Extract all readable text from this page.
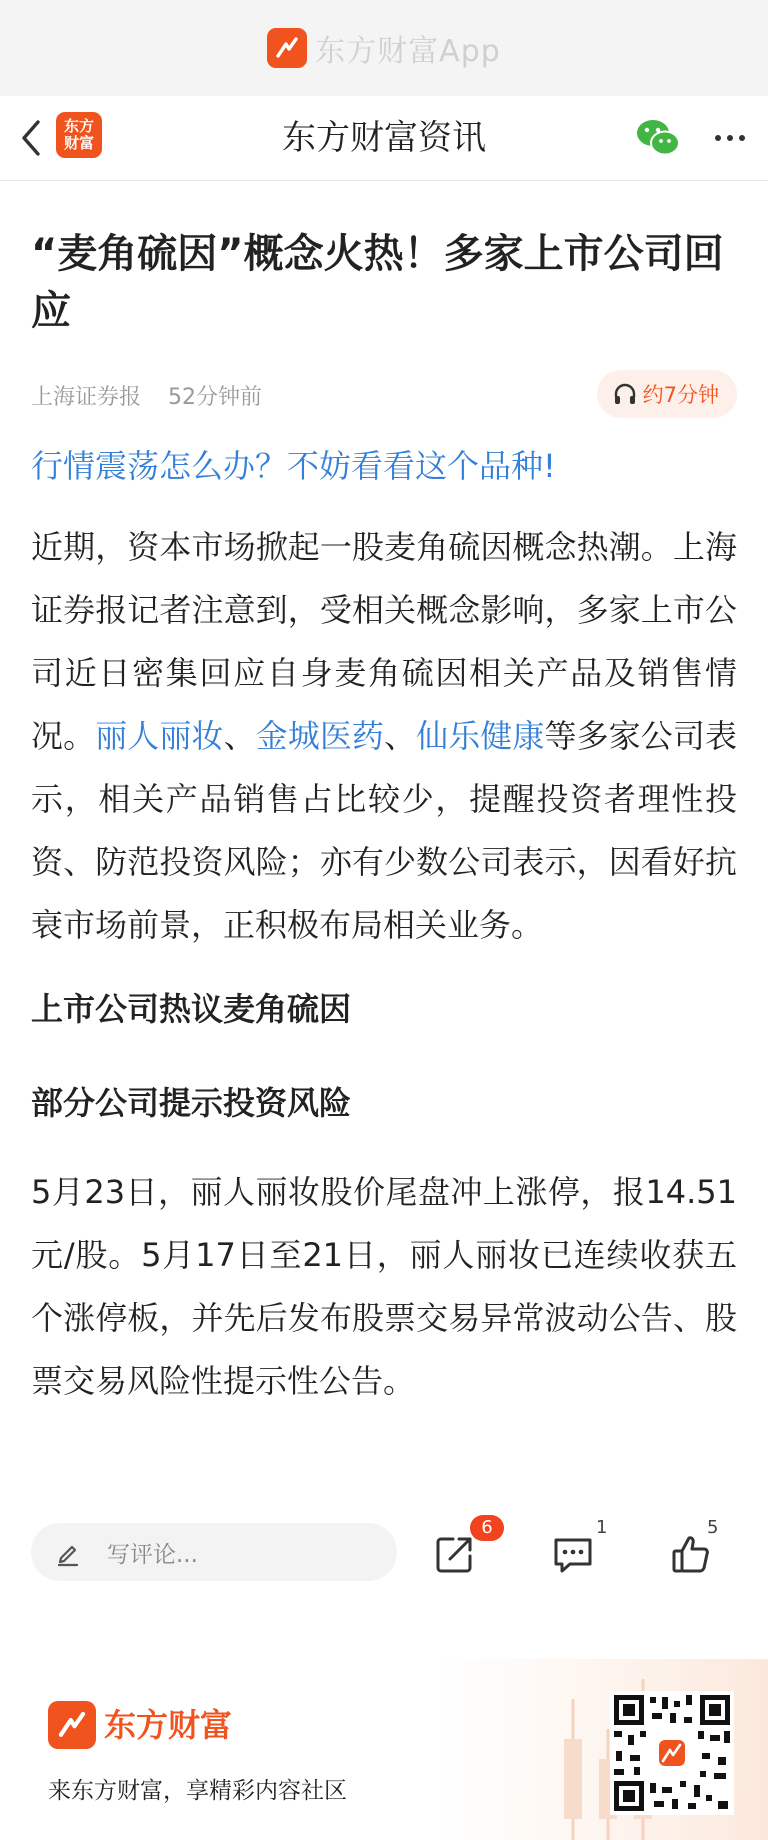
东方财富App
东方
财富	东方财富资讯
“麦角硫因”概念火热！多家上市公司回应
上海证券报 52分钟前	约7分钟
行情震荡怎么办？不妨看看这个品种!

近期，资本市场掀起一股麦角硫因概念热潮。上海证券报记者注意到，受相关概念影响，多家上市公司近日密集回应自身麦角硫因相关产品及销售情况。丽人丽妆、金城医药、仙乐健康等多家公司表示，相关产品销售占比较少，提醒投资者理性投资、防范投资风险；亦有少数公司表示，因看好抗衰市场前景，正积极布局相关业务。

上市公司热议麦角硫因
部分公司提示投资风险

5月23日，丽人丽妆股价尾盘冲上涨停，报14.51元/股。5月17日至21日，丽人丽妆已连续收获五个涨停板，并先后发布股票交易异常波动公告、股票交易风险性提示性公告。

写评论...
6	1	5
东方财富
来东方财富，享精彩内容社区
